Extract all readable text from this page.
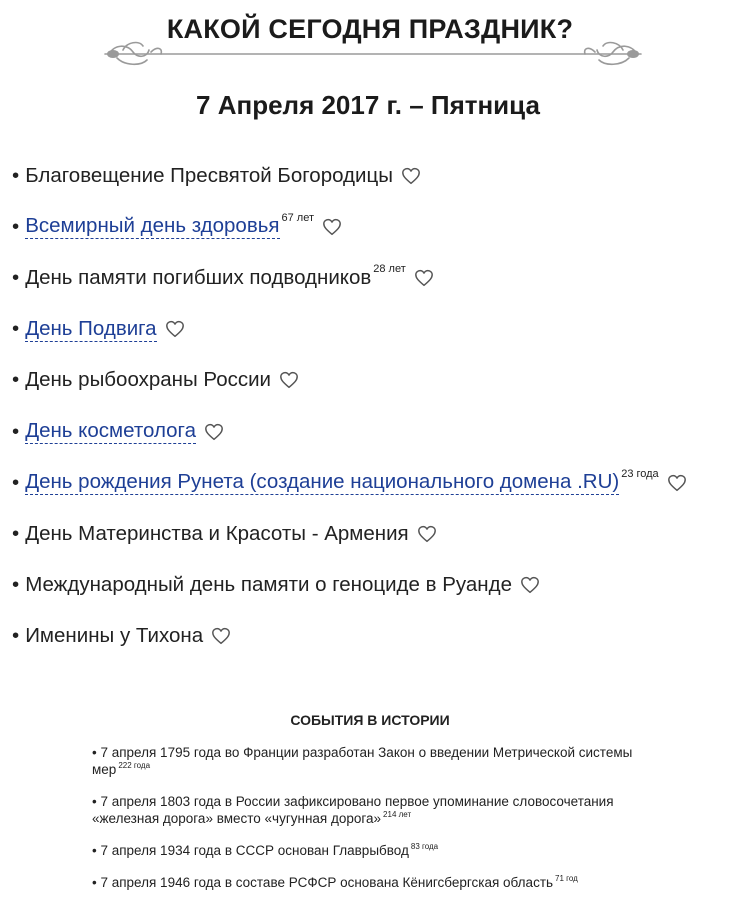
КАКОЙ СЕГОДНЯ ПРАЗДНИК?
7 Апреля 2017 г. – Пятница
• Благовещение Пресвятой Богородицы
• Всемирный день здоровья 67 лет
• День памяти погибших подводников 28 лет
• День Подвига
• День рыбоохраны России
• День косметолога
• День рождения Рунета (создание национального домена .RU) 23 года
• День Материнства и Красоты - Армения
• Международный день памяти о геноциде в Руанде
• Именины у Тихона
СОБЫТИЯ В ИСТОРИИ
• 7 апреля 1795 года во Франции разработан Закон о введении Метрической системы мер $^{222 года}$
• 7 апреля 1803 года в России зафиксировано первое упоминание словосочетания «железная дорога» вместо «чугунная дорога» $^{214 лет}$
• 7 апреля 1934 года в СССР основан Главрыбвод $^{83 года}$
• 7 апреля 1946 года в составе РСФСР основана Кёнигсбергская область $^{71 год}$
